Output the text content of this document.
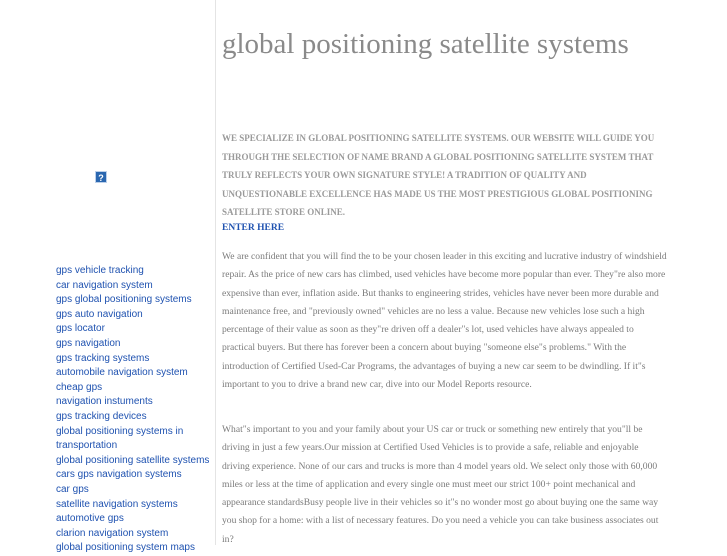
?
gps vehicle tracking
car navigation system
gps global positioning systems
gps auto navigation
gps locator
gps navigation
gps tracking systems
automobile navigation system
cheap gps
navigation instuments
gps tracking devices
global positioning systems in transportation
global positioning satellite systems
cars gps navigation systems
car gps
satellite navigation systems
automotive gps
clarion navigation system
global positioning system maps
global positioning satellite systems

WE SPECIALIZE IN GLOBAL POSITIONING SATELLITE SYSTEMS. OUR WEBSITE WILL GUIDE YOU THROUGH THE SELECTION OF NAME BRAND A GLOBAL POSITIONING SATELLITE SYSTEM THAT TRULY REFLECTS YOUR OWN SIGNATURE STYLE! A TRADITION OF QUALITY AND UNQUESTIONABLE EXCELLENCE HAS MADE US THE MOST PRESTIGIOUS GLOBAL POSITIONING SATELLITE STORE ONLINE.

ENTER HERE

We are confident that you will find the to be your chosen leader in this exciting and lucrative industry of windshield repair. As the price of new cars has climbed, used vehicles have become more popular than ever. They"re also more expensive than ever, inflation aside. But thanks to engineering strides, vehicles have never been more durable and maintenance free, and "previously owned" vehicles are no less a value. Because new vehicles lose such a high percentage of their value as soon as they"re driven off a dealer"s lot, used vehicles have always appealed to practical buyers. But there has forever been a concern about buying "someone else"s problems." With the introduction of Certified Used-Car Programs, the advantages of buying a new car seem to be dwindling. If it"s important to you to drive a brand new car, dive into our Model Reports resource.

What"s important to you and your family about your US car or truck or something new entirely that you"ll be driving in just a few years.Our mission at Certified Used Vehicles is to provide a safe, reliable and enjoyable driving experience. None of our cars and trucks is more than 4 model years old. We select only those with 60,000 miles or less at the time of application and every single one must meet our strict 100+ point mechanical and appearance standardsBusy people live in their vehicles so it"s no wonder most go about buying one the same way you shop for a home: with a list of necessary features. Do you need a vehicle you can take business associates out in?
